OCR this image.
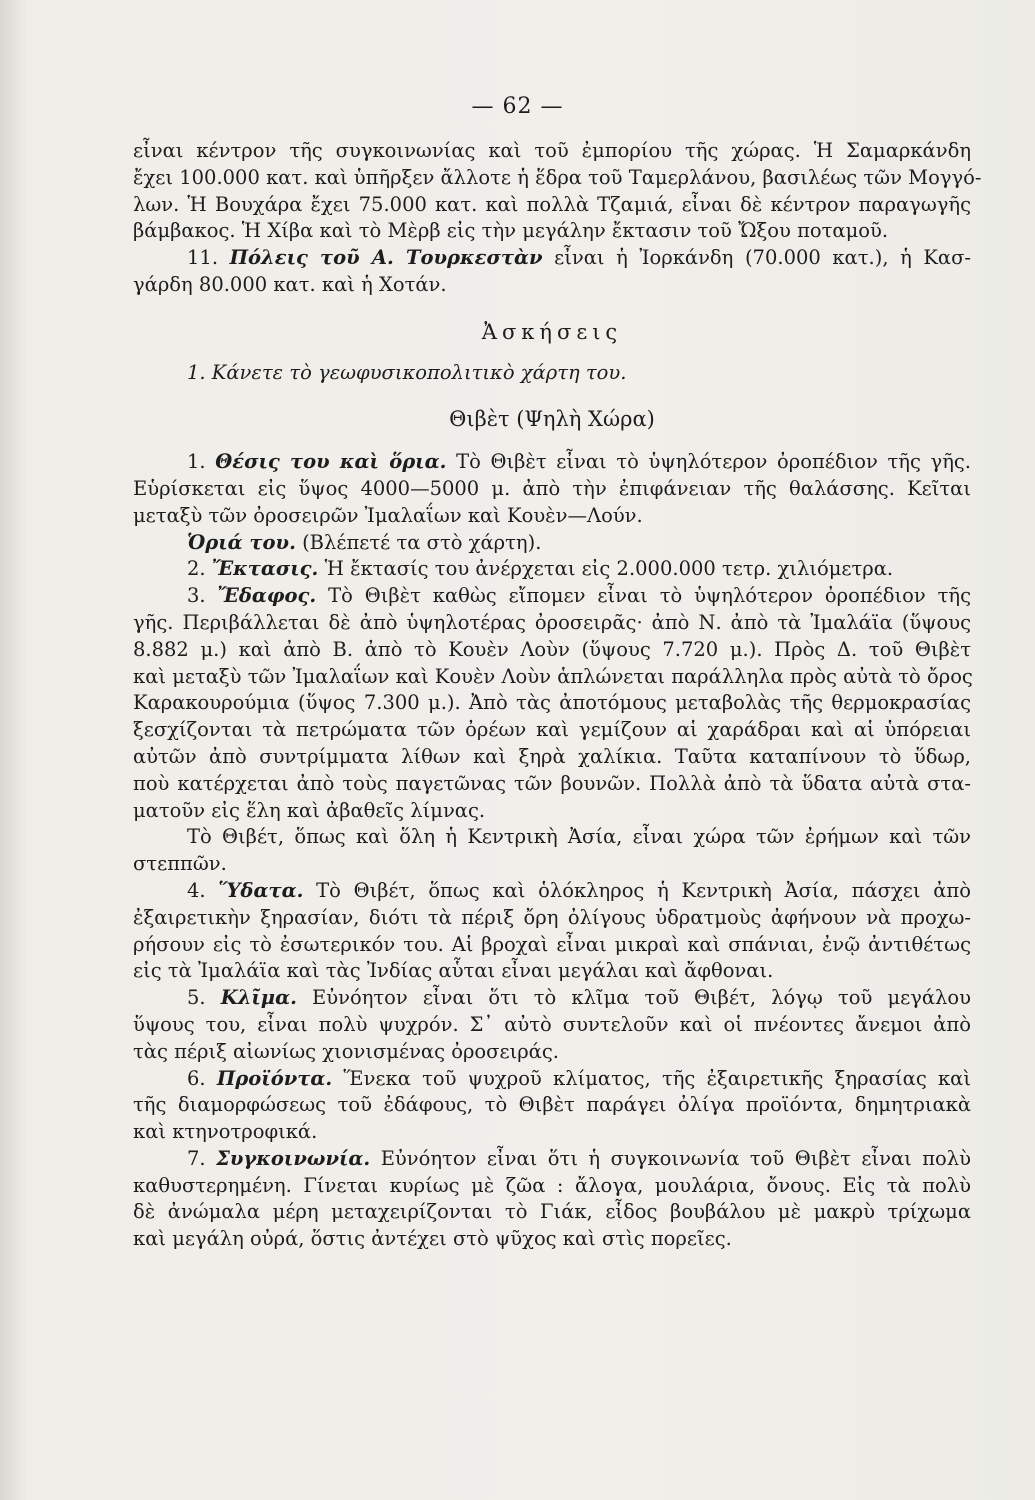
— 62 —
εἶναι κέντρον τῆς συγκοινωνίας καὶ τοῦ ἐμπορίου τῆς χώρας. Ἡ Σαμαρκάνδη
ἔχει 100.000 κατ. καὶ ὑπῆρξεν ἄλλοτε ἡ ἕδρα τοῦ Ταμερλάνου, βασιλέως τῶν Μογγό-
λων. Ἡ Βουχάρα ἔχει 75.000 κατ. καὶ πολλὰ Τζαμιά, εἶναι δὲ κέντρον παραγωγῆς
βάμβακος. Ἡ Χίβα καὶ τὸ Μὲρβ εἰς τὴν μεγάλην ἔκτασιν τοῦ Ὤξου ποταμοῦ.
11. Πόλεις τοῦ Α. Τουρκεστὰν εἶναι ἡ Ἰορκάνδη (70.000 κατ.), ἡ Κασ-
γάρδη 80.000 κατ. καὶ ἡ Χοτάν.
Ἀσκήσεις
1. Κάνετε τὸ γεωφυσικοπολιτικὸ χάρτη του.
Θιβὲτ (Ψηλὴ Χώρα)
1. Θέσις του καὶ ὅρια. Τὸ Θιβὲτ εἶναι τὸ ὑψηλότερον ὀροπέδιον τῆς γῆς.
Εὑρίσκεται εἰς ὕψος 4000—5000 μ. ἀπὸ τὴν ἐπιφάνειαν τῆς θαλάσσης. Κεῖται
μεταξὺ τῶν ὀροσειρῶν Ἰμαλαΐων καὶ Κουὲν—Λούν.
Ὁριά του. (Βλέπετέ τα στὸ χάρτη).
2. Ἔκτασις. Ἡ ἔκτασίς του ἀνέρχεται εἰς 2.000.000 τετρ. χιλιόμετρα.
3. Ἔδαφος. Τὸ Θιβὲτ καθὼς εἴπομεν εἶναι τὸ ὑψηλότερον ὀροπέδιον τῆς
γῆς. Περιβάλλεται δὲ ἀπὸ ὑψηλοτέρας ὀροσειρᾶς· ἀπὸ Ν. ἀπὸ τὰ Ἰμαλάϊα (ὕψους
8.882 μ.) καὶ ἀπὸ Β. ἀπὸ τὸ Κουὲν Λοὺν (ὕψους 7.720 μ.). Πρὸς Δ. τοῦ Θιβὲτ
καὶ μεταξὺ τῶν Ἰμαλαΐων καὶ Κουὲν Λοὺν ἁπλώνεται παράλληλα πρὸς αὐτὰ τὸ ὄρος
Καρακουρούμια (ὕψος 7.300 μ.). Ἀπὸ τὰς ἀποτόμους μεταβολὰς τῆς θερμοκρασίας
ξεσχίζονται τὰ πετρώματα τῶν ὀρέων καὶ γεμίζουν αἱ χαράδραι καὶ αἱ ὑπόρειαι
αὐτῶν ἀπὸ συντρίμματα λίθων καὶ ξηρὰ χαλίκια. Ταῦτα καταπίνουν τὸ ὕδωρ,
ποὺ κατέρχεται ἀπὸ τοὺς παγετῶνας τῶν βουνῶν. Πολλὰ ἀπὸ τὰ ὕδατα αὐτὰ στα-
ματοῦν εἰς ἕλη καὶ ἀβαθεῖς λίμνας.
Τὸ Θιβέτ, ὅπως καὶ ὅλη ἡ Κεντρικὴ Ἀσία, εἶναι χώρα τῶν ἐρήμων καὶ τῶν
στεππῶν.
4. Ὕδατα. Τὸ Θιβέτ, ὅπως καὶ ὁλόκληρος ἡ Κεντρικὴ Ἀσία, πάσχει ἀπὸ
ἐξαιρετικὴν ξηρασίαν, διότι τὰ πέριξ ὄρη ὀλίγους ὑδρατμοὺς ἀφήνουν νὰ προχω-
ρήσουν εἰς τὸ ἐσωτερικόν του. Αἱ βροχαὶ εἶναι μικραὶ καὶ σπάνιαι, ἐνῷ ἀντιθέτως
εἰς τὰ Ἰμαλάϊα καὶ τὰς Ἰνδίας αὗται εἶναι μεγάλαι καὶ ἄφθοναι.
5. Κλῖμα. Εὐνόητον εἶναι ὅτι τὸ κλῖμα τοῦ Θιβέτ, λόγῳ τοῦ μεγάλου
ὕψους του, εἶναι πολὺ ψυχρόν. Σ᾽ αὐτὸ συντελοῦν καὶ οἱ πνέοντες ἄνεμοι ἀπὸ
τὰς πέριξ αἰωνίως χιονισμένας ὀροσειράς.
6. Προϊόντα. Ἕνεκα τοῦ ψυχροῦ κλίματος, τῆς ἐξαιρετικῆς ξηρασίας καὶ
τῆς διαμορφώσεως τοῦ ἐδάφους, τὸ Θιβὲτ παράγει ὀλίγα προϊόντα, δημητριακὰ
καὶ κτηνοτροφικά.
7. Συγκοινωνία. Εὐνόητον εἶναι ὅτι ἡ συγκοινωνία τοῦ Θιβὲτ εἶναι πολὺ
καθυστερημένη. Γίνεται κυρίως μὲ ζῶα : ἄλογα, μουλάρια, ὄνους. Εἰς τὰ πολὺ
δὲ ἀνώμαλα μέρη μεταχειρίζονται τὸ Γιάκ, εἶδος βουβάλου μὲ μακρὺ τρίχωμα
καὶ μεγάλη οὐρά, ὅστις ἀντέχει στὸ ψῦχος καὶ στὶς πορεῖες.
